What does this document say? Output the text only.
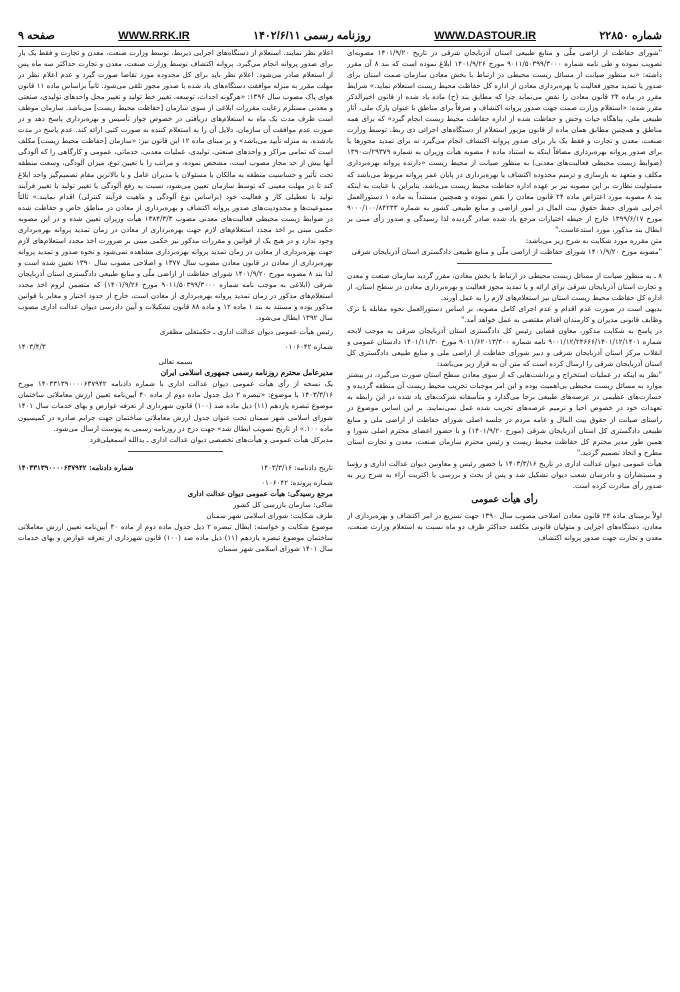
شماره ۲۲۸۵۰
WWW.DASTOUR.IR
روزنامه رسمی ۱۴۰۲/۶/۱۱
WWW.RRK.IR
صفحه ۹

"شورای حفاظت از اراضی ملّی و منابع طبیعی استان آذربایجان شرقی در تاریخ ۱۴۰۱/۹/۲۰ مصوبه‌ای تصویب نموده و طی نامه شماره ۹۰۱۱/۵۰۳۹۹/۳۰۰۰ مورخ ۱۴۰۱/۹/۲۶ ابلاغ نموده است که بند ۸ آن مقرر داشته: «به منظور صیانت از مسائل زیست محیطی در ارتباط با بخش معادن سازمان صمت استان برای صدور یا تمدید مجوز فعالیت یا بهره‌برداری معادن از اداره کل حفاظت محیط زیست استعلام نماید.» شرایط مقرر در ماده ۲۴ قانون معادن را نقض می‌نماید چرا که مطابق بند (ح) ماده یاد شده از قانون اخیرالذکر مقرر شده: «استعلام وزارت صمت جهت صدور پروانه اکتشاف و صرفاً برای مناطق با عنوان پارک ملی، آثار طبیعی ملی، پناهگاه حیات وحش و حفاظت شده از اداره حفاظت محیط زیست انجام گیرد» که برای همه مناطق و همچنین مطابق همان ماده از قانون مزبور استعلام از دستگاه‌های اجرائی ذی ربط، توسط وزارت صنعت، معدن و تجارت و فقط یک بار برای صدور پروانه اکتشاف انجام می‌گیرد نه برای تمدید مجوزها یا برای صدور پروانه بهره‌برداری مضافاً اینکه به استناد ماده ۶ مصوبه هیأت وزیران به شماره ۲۹۳۷۹/ت۱۳۹۰ (ضوابط زیست محیطی فعالیت‌های معدنی) به منظور صیانت از محیط زیست «دارنده پروانه بهره‌برداری مکلف و متعهد به بازسازی و ترمیم محدوده اکتشاف یا بهره‌برداری در پایان عمر پروانه مربوط می‌باشد که مسئولیت نظارت بر این مصوبه نیز بر عهده اداره حفاظت محیط زیست می‌باشد. بنابراین با عنایت به اینکه بند ۸ مصوبه مورد اعتراض ماده ۲۴ قانون معادن را نقض نموده و همچنین مستنداً به ماده ۱ دستورالعمل اجرایی شورای حفظ حقوق بیت المال در امور اراضی و منابع طبیعی کشور به شماره ۹۰۰۰/۱۰۰/۸۴۲۳۳ مورخ ۱۳۹۹/۶/۱۷ خارج از حیطه اختیارات مرجع یاد شده صادر گردیده لذا رسیدگی و صدور رأی مبنی بر ابطال بند مذکور، مورد استدعاست."

متن مقرره مورد شکایت به شرح زیر می‌باشد:

"مصوبه مورخ ۱۴۰۱/۹/۲۰ شورای حفاظت از اراضی ملّی و منابع طبیعی دادگستری استان آذربایجان شرقی

۸ ـ به منظور صیانت از مسائل زیست محیطی در ارتباط با بخش معادن، مقرر گردید سازمان صنعت و معدن و تجارت استان آذربایجان شرقی برای ارائه و یا تمدید مجوز فعالیت و بهره‌برداری معادن در سطح استان، از اداره کل حفاظت محیط زیست استان نیز استعلام‌های لازم را به عمل آورند.

بدیهی است در صورت عدم اقدام و عدم اجرای کامل مصوبه، بر اساس دستورالعمل نحوه مقابله با ترک وظایف قانونی مدیران و کارمندان اقدام مقتضی به عمل خواهد آمد."

در پاسخ به شکایت مذکور، معاون قضایی رئیس کل دادگستری استان آذربایجان شرقی به موجب لایحه شماره ۹۰۰۱/۱۲/۲۴۶۶۶/۱۴۰۱/۱۲/۱۴۰۱ نامه شماره ۹۰۱۱/۶۲۰۱۳/۳۰۰ مورخ ۱۴۰۱/۱۱/۳۰ دادستان عمومی و انقلاب مرکز استان آذربایجان شرقی و دبیر شورای حفاظت از اراضی ملی و منابع طبیعی دادگستری کل استان آذربایجان شرقی را ارسال کرده است که متن آن به قرار زیر می‌باشد:

"نظر به اینکه در عملیات استخراج و برداشت‌هایی که از سوی معادن سطح استان صورت می‌گیرد، در بیشتر موارد به مسائل زیست محیطی بی‌اهمیت بوده و این امر موجبات تخریب محیط زیست آن منطقه گردیده و خسارت‌های عظیمی در عرصه‌های طبیعی برجا می‌گذارد و متأسفانه شرکت‌های یاد شده در این رابطه به تعهدات خود در خصوص احیا و ترمیم عرصه‌های تخریب شده عمل نمی‌نمایند. بر این اساس موضوع در راستای صیانت از حقوق بیت المال و عامه مردم در جلسه اصلی شورای حفاظت از اراضی ملی و منابع طبیعی دادگستری کل استان آذربایجان شرقی (مورخ ۱۴۰۱/۹/۲۰) و با حضور اعضای محترم اصلی شورا و همین طور مدیر محترم کل حفاظت محیط زیست و رئیس محترم سازمان صنعت، معدن و تجارت استان مطرح و اتخاذ تصمیم گردید."

هیأت عمومی دیوان عدالت اداری در تاریخ ۱۴۰۳/۳/۱۶ با حضور رئیس و معاونین دیوان عدالت اداری و رؤسا و مستشاران و دادرسان شعب دیوان تشکیل شد و پس از بحث و بررسی با اکثریت آراء به شرح زیر به صدور رأی مبادرت کرده است.

رأی هیأت عمومی

اولاً برمبنای ماده ۲۴ قانون معادن اصلاحی مصوب سال ۱۳۹۰ جهت تسریع در امر اکتشاف و بهره‌برداری از معادن، دستگاه‌های اجرایی و متولیان قانونی مکلفند حداکثر ظرف دو ماه نسبت به استعلام وزارت صنعت، معدن و تجارت جهت صدور پروانه اکتشاف

اعلام نظر نمایند. استعلام از دستگاه‌های اجرایی ذیربط، توسط وزارت صنعت، معدن و تجارت و فقط یک بار برای صدور پروانه انجام می‌گیرد. پروانه اکتشاف توسط وزارت صنعت، معدن و تجارت حداکثر سه ماه پس از استعلام صادر می‌شود. اعلام نظر باید برای کل محدوده مورد تقاضا صورت گیرد و عدم اعلام نظر در مهلت مقرر به منزله موافقت دستگاه‌های یاد شده با صدور مجوز تلقی می‌شود. ثانیاً براساس ماده ۱۱ قانون هوای پاک مصوب سال ۱۳۹۶: «هرگونه احداث، توسعه، تغییر خط تولید و تغییر محل واحدهای تولیدی، صنعتی و معدنی مستلزم رعایت مقررات ابلاغی از سوی سازمان [حفاظت محیط زیست] می‌باشد. سازمان موظف است ظرف مدت یک ماه به استعلام‌های دریافتی در خصوص جواز تأسیس و بهره‌برداری پاسخ دهد و در صورت عدم موافقت آن سازمان، دلایل آن را به استعلام کننده به صورت کتبی ارائه کند. عدم پاسخ در مدت یادشده، به منزله تأیید می‌باشد» و بر مبنای ماده ۱۲ این قانون نیز: «سازمان [حفاظت محیط زیست] مکلف است که تمامی مراکز و واحدهای صنعتی، تولیدی، عملیات معدنی، خدماتی، عمومی و کارگاهی را که آلودگی آنها بیش از حد مجاز مصوب است، مشخص نموده، و مراتب را با تعیین نوع، میزان آلودگی، وسعت منطقه تحت تأثیر و حساسیت منطقه به مالکان یا مسئولان یا مدیران عامل و یا بالاترین مقام تصمیم‌گیر واحد ابلاغ کند تا در مهلت معینی که توسط سازمان تعیین می‌شود، نسبت به رفع آلودگی یا تغییر تولید یا تغییر فرآیند تولید یا تعطیلی کار و فعالیت خود (براساس نوع آلودگی و ماهیت فرآیند کنترلی) اقدام نمایند.» ثالثاً ممنوعیت‌ها و محدودیت‌های صدور پروانه اکتشاف و بهره‌برداری از معادن در مناطق خاص و حفاظت شده در ضوابط زیست محیطی فعالیت‌های معدنی مصوب ۱۳۸۴/۳/۳ هیأت وزیران تعیین شده و در این مصوبه حکمی مبنی بر اخذ مجدد استعلام‌های لازم جهت بهره‌برداری از معادن در زمان تمدید پروانه بهره‌برداری وجود ندارد و در هیچ یک از قوانین و مقررات مذکور نیز حکمی مبنی بر ضرورت اخذ مجدد استعلام‌های لازم جهت بهره‌برداری از معادن در زمان تمدید پروانه بهره‌برداری مشاهده نمی‌شود و نحوه صدور و تمدید پروانه بهره‌برداری از معادن در قانون معادن مصوب سال ۱۳۷۷ و اصلاحی مصوب سال ۱۳۹۰ تعیین شده است و لذا بند ۸ مصوبه مورخ ۱۴۰۱/۹/۲۰ شورای حفاظت از اراضی ملّی و منابع طبیعی دادگستری استان آذربایجان شرقی (ابلاغی به موجب نامه شماره ۹۰۱۱/۵۰۳۹۹/۳۰۰۰ مورخ ۱۴۰۱/۹/۲۶) که متضمن لزوم اخذ مجدد استعلام‌های مذکور در زمان تمدید پروانه بهره‌برداری از معادن است، خارج از حدود اختیار و مغایر با قوانین مذکور بوده و مستند به بند ۱ ماده ۱۲ و ماده ۸۸ قانون تشکیلات و آیین دادرسی دیوان عدالت اداری مصوب سال ۱۳۹۲ ابطال می‌شود.

رئیس هیأت عمومی دیوان عدالت اداری ـ حکمتعلی مظفری

شماره ۰۱۰۶۰۴۲
۱۴۰۳/۴/۳
بسمه تعالی

مدیرعامل محترم روزنامه رسمی جمهوری اسلامی ایران

یک نسخه از رأی هیأت عمومی دیوان عدالت اداری با شماره دادنامه ۱۴۰۳۳۱۳۹۰۰۰۰۶۳۷۹۴۲ مورخ ۱۴۰۳/۳/۱۶ با موضوع: «تبصره ۲ ذیل جدول ماده دوم از ماده ۴۰ آیین‌نامه تعیین ارزش معاملاتی ساختمان موضوع تبصره یازدهم (۱۱) ذیل ماده صد (۱۰۰) قانون شهرداری از تعرفه عوارض و بهای خدمات سال ۱۴۰۱ شورای اسلامی شهر سمنان تحت عنوان جدول ارزش معاملاتی ساختمان جهت جرایم صادره در کمیسیون ماده ۱۰۰.» از تاریخ تصویب ابطال شد» جهت درج در روزنامه رسمی به پیوست ارسال می‌شود.

مدیرکل هیأت عمومی و هیأت‌های تخصصی دیوان عدالت اداری ـ یدالله اسمعیلی‌فرد

تاریخ دادنامه: ۱۴۰۳/۳/۱۶
شماره دادنامه: ۱۴۰۳۳۱۳۹۰۰۰۰۶۳۷۹۴۲

شماره پرونده: ۰۱۰۶۰۴۲

مرجع رسیدگی: هیأت عمومی دیوان عدالت اداری

شاکی: سازمان بازرسی کل کشور

طرف شکایت: شورای اسلامی شهر سمنان

موضوع شکایت و خواسته: ابطال تبصره ۲ ذیل جدول ماده دوم از ماده ۴۰ آیین‌نامه تعیین ارزش معاملاتی ساختمان موضوع تبصره یازدهم (۱۱) ذیل ماده صد (۱۰۰) قانون شهرداری از تعرفه عوارض و بهای خدمات سال ۱۴۰۱ شورای اسلامی شهر سمنان
